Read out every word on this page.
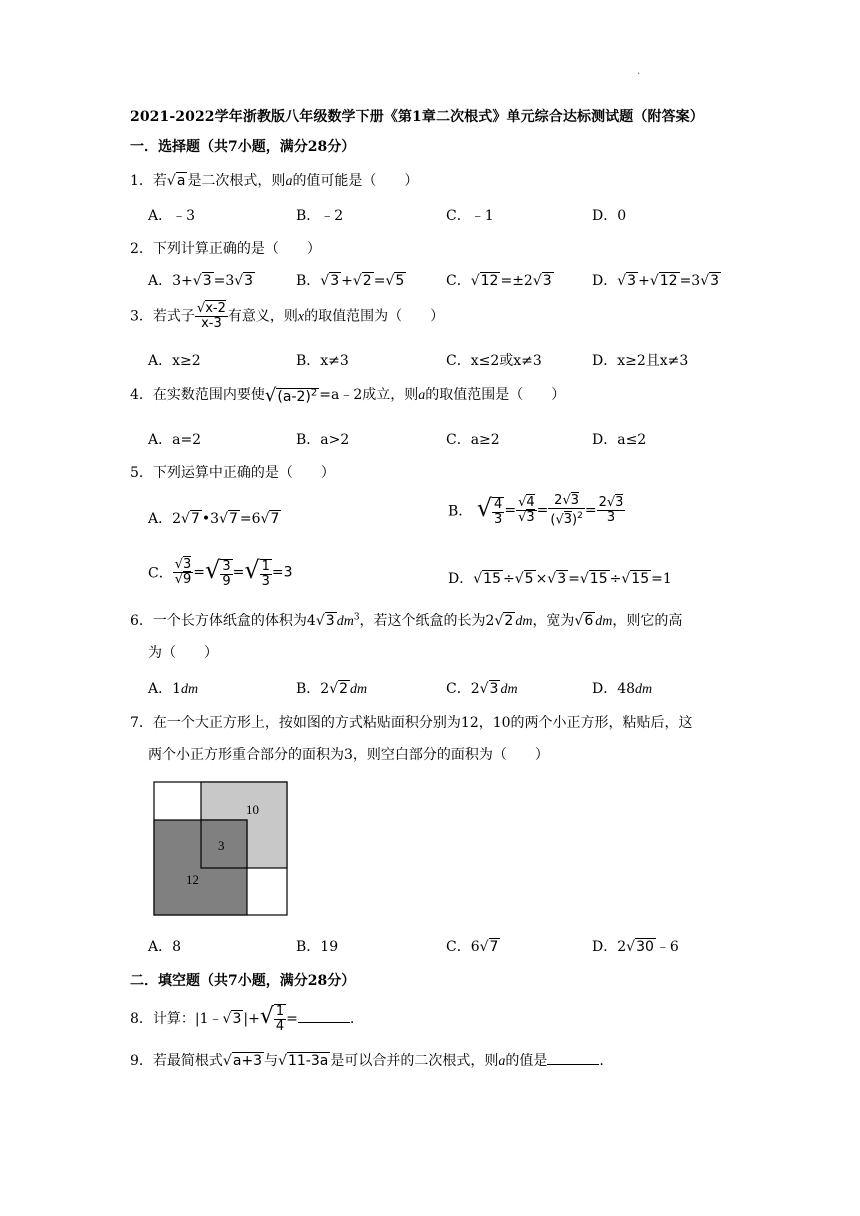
.
2021-2022学年浙教版八年级数学下册《第1章二次根式》单元综合达标测试题（附答案）
一．选择题（共7小题，满分28分）
1．若√a 是二次根式，则a的值可能是（　　）
A．﹣3	B．﹣2	C．﹣1	D．0
2．下列计算正确的是（　　）
A．3+√3 =3√3	B．√3 +√2 =√5	C．√12 =±2√3	D．√3 +√12 =3√3
3．若式子 $\frac{√x-2}{x-3}$ 有意义，则x的取值范围为（　　）
A．x≥2	B．x≠3	C．x≤2或x≠3	D．x≥2且x≠3
4．在实数范围内要使$√(a-2)^2$ =a﹣2成立，则a的取值范围是（　　）
A．a=2	B．a>2	C．a≥2	D．a≤2
5．下列运算中正确的是（　　）
A．2√7 •3√7 =6√7	B． √ $\frac{4}{3} = \frac{√4}{√3} = \frac{2√3}{(√3)^2} = \frac{2√3}{3}$
C． $\frac{√3}{√9}$ =√ $\frac{3}{9}$ =√ $\frac{1}{3} =3$	D．√15 ÷√5 ×√3 =√15 ÷√15 =1
6．一个长方体纸盒的体积为4√3 $dm^3$，若这个纸盒的长为2√2 dm，宽为√6 dm，则它的高
为（　　）
A．1dm	B．2√2 dm	C．2√3 dm	D．48dm
7．在一个大正方形上，按如图的方式粘贴面积分别为12，10的两个小正方形，粘贴后，这
两个小正方形重合部分的面积为3，则空白部分的面积为（　　）
10
3
12
A．8	B．19	C．6√7	D．2√30 ﹣6
二．填空题（共7小题，满分28分）
8．计算：|1﹣√3 |+√ $\frac{1}{4}$ =	.
9．若最简根式√a+3 与√11-3a 是可以合并的二次根式，则a的值是	.
